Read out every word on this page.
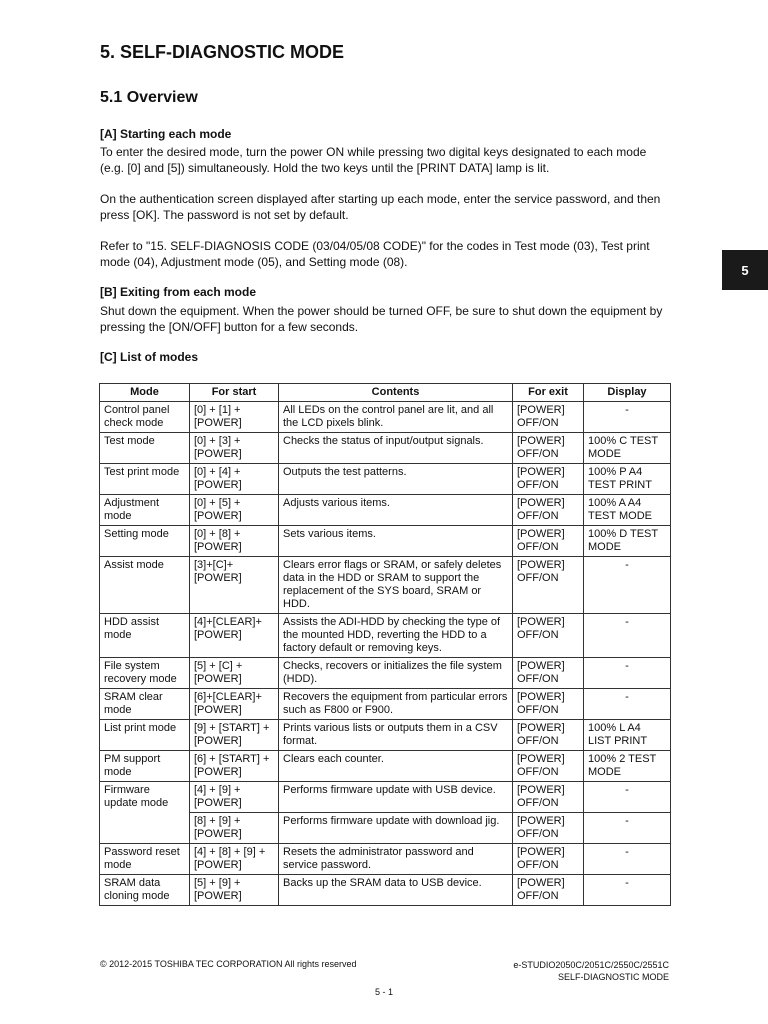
5. SELF-DIAGNOSTIC MODE
5.1 Overview
5
[A] Starting each mode

To enter the desired mode, turn the power ON while pressing two digital keys designated to each mode (e.g. [0] and [5]) simultaneously. Hold the two keys until the [PRINT DATA] lamp is lit.

On the authentication screen displayed after starting up each mode, enter the service password, and then press [OK]. The password is not set by default.

Refer to "15. SELF-DIAGNOSIS CODE (03/04/05/08 CODE)" for the codes in Test mode (03), Test print mode (04), Adjustment mode (05), and Setting mode (08).

[B] Exiting from each mode

Shut down the equipment. When the power should be turned OFF, be sure to shut down the equipment by pressing the [ON/OFF] button for a few seconds.

[C] List of modes
Mode	For start	Contents	For exit	Display
Control panel check mode	[0] + [1] + [POWER]	All LEDs on the control panel are lit, and all the LCD pixels blink.	[POWER] OFF/ON	-
Test mode	[0] + [3] + [POWER]	Checks the status of input/output signals.	[POWER] OFF/ON	100% C TEST MODE
Test print mode	[0] + [4] + [POWER]	Outputs the test patterns.	[POWER] OFF/ON	100% P A4 TEST PRINT
Adjustment mode	[0] + [5] + [POWER]	Adjusts various items.	[POWER] OFF/ON	100% A A4 TEST MODE
Setting mode	[0] + [8] + [POWER]	Sets various items.	[POWER] OFF/ON	100% D TEST MODE
Assist mode	[3]+[C]+ [POWER]	Clears error flags or SRAM, or safely deletes data in the HDD or SRAM to support the replacement of the SYS board, SRAM or HDD.	[POWER] OFF/ON	-
HDD assist mode	[4]+[CLEAR]+ [POWER]	Assists the ADI-HDD by checking the type of the mounted HDD, reverting the HDD to a factory default or removing keys.	[POWER] OFF/ON	-
File system recovery mode	[5] + [C] + [POWER]	Checks, recovers or initializes the file system (HDD).	[POWER] OFF/ON	-
SRAM clear mode	[6]+[CLEAR]+ [POWER]	Recovers the equipment from particular errors such as F800 or F900.	[POWER] OFF/ON	-
List print mode	[9] + [START] + [POWER]	Prints various lists or outputs them in a CSV format.	[POWER] OFF/ON	100% L A4 LIST PRINT
PM support mode	[6] + [START] + [POWER]	Clears each counter.	[POWER] OFF/ON	100% 2 TEST MODE
Firmware update mode	[4] + [9] + [POWER]	Performs firmware update with USB device.	[POWER] OFF/ON	-
	[8] + [9] + [POWER]	Performs firmware update with download jig.	[POWER] OFF/ON	-
Password reset mode	[4] + [8] + [9] + [POWER]	Resets the administrator password and service password.	[POWER] OFF/ON	-
SRAM data cloning mode	[5] + [9] + [POWER]	Backs up the SRAM data to USB device.	[POWER] OFF/ON	-
© 2012-2015 TOSHIBA TEC CORPORATION All rights reserved	e-STUDIO2050C/2051C/2550C/2551C
SELF-DIAGNOSTIC MODE
5 - 1
